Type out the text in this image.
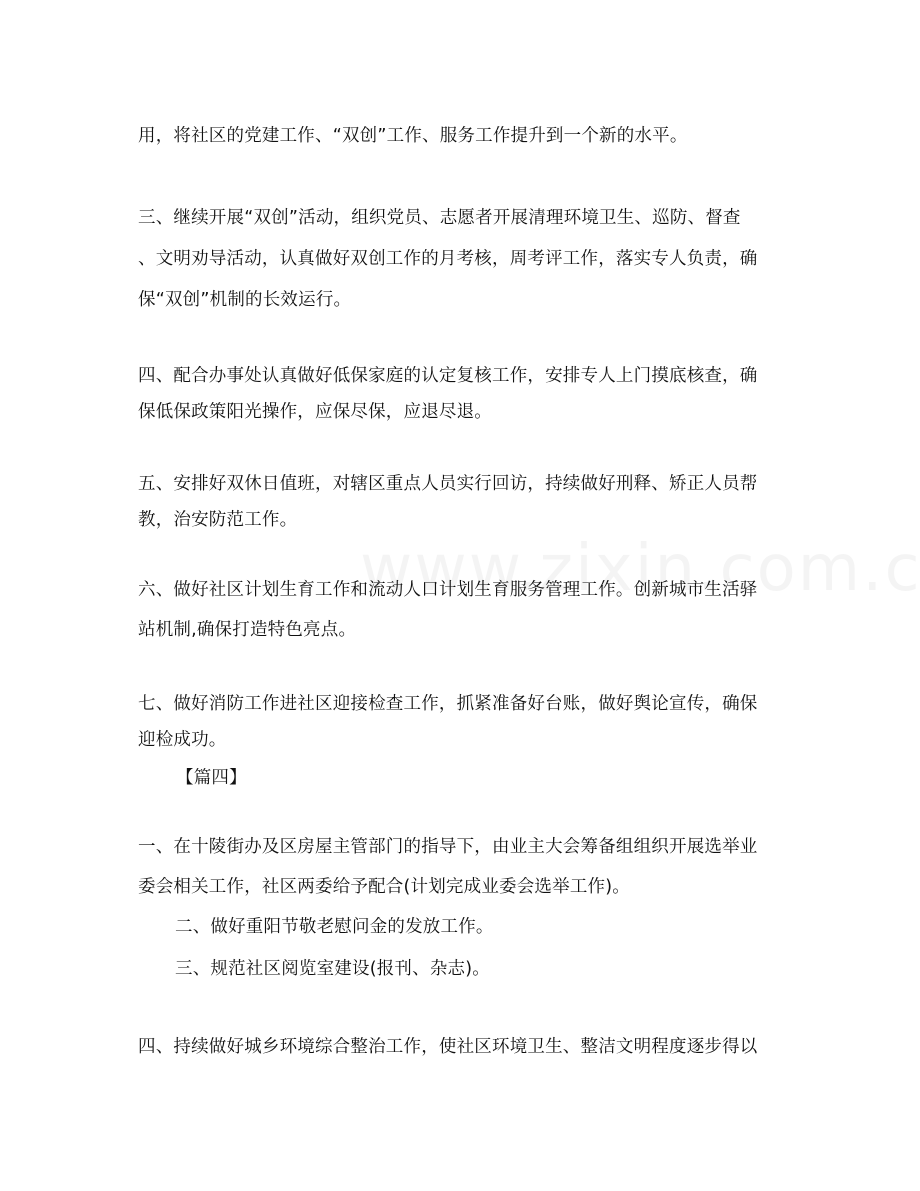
用，将社区的党建工作、“双创”工作、服务工作提升到一个新的水平。
三、继续开展“双创”活动，组织党员、志愿者开展清理环境卫生、巡防、督查
、文明劝导活动，认真做好双创工作的月考核，周考评工作，落实专人负责，确
保“双创”机制的长效运行。
四、配合办事处认真做好低保家庭的认定复核工作，安排专人上门摸底核查，确
保低保政策阳光操作，应保尽保，应退尽退。
五、安排好双休日值班，对辖区重点人员实行回访，持续做好刑释、矫正人员帮
教，治安防范工作。
六、做好社区计划生育工作和流动人口计划生育服务管理工作。创新城市生活驿
站机制,确保打造特色亮点。
七、做好消防工作进社区迎接检查工作，抓紧准备好台账，做好舆论宣传，确保
迎检成功。
【篇四】
一、在十陵街办及区房屋主管部门的指导下，由业主大会筹备组组织开展选举业
委会相关工作，社区两委给予配合(计划完成业委会选举工作)。
二、做好重阳节敬老慰问金的发放工作。
三、规范社区阅览室建设(报刊、杂志)。
四、持续做好城乡环境综合整治工作，使社区环境卫生、整洁文明程度逐步得以
